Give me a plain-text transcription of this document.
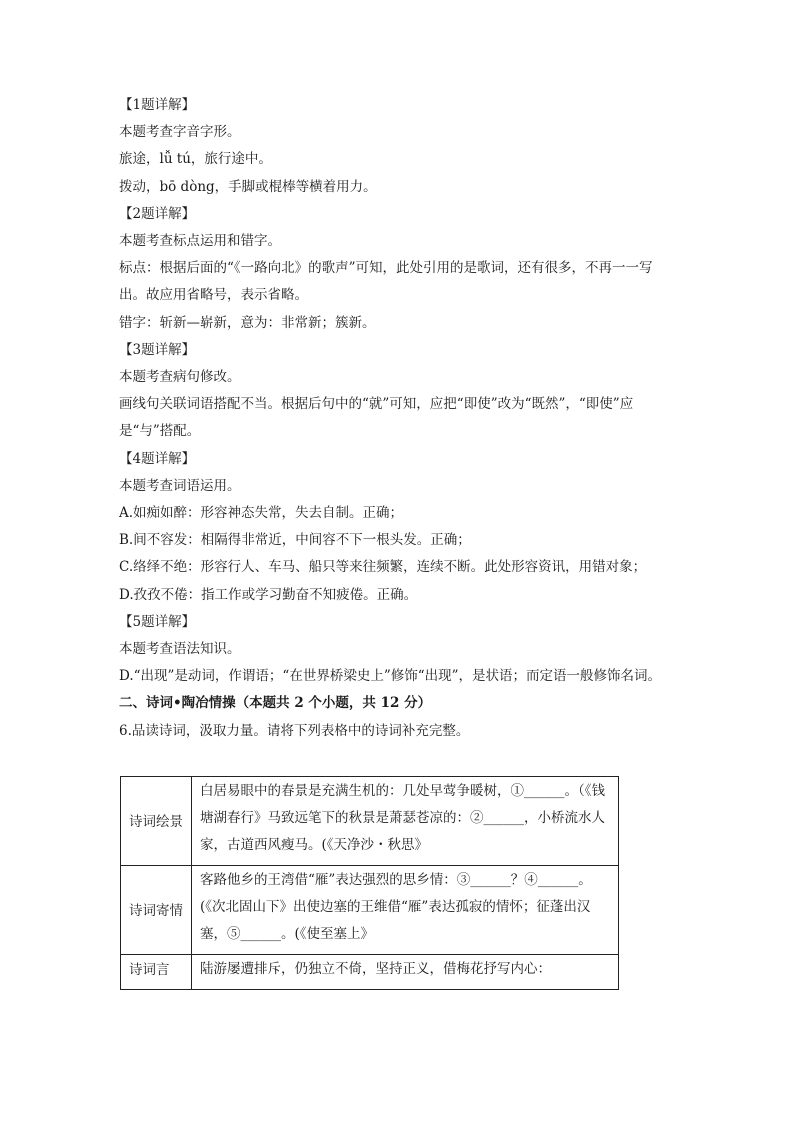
【1题详解】

本题考查字音字形。

旅途，lǚ tú，旅行途中。

拨动，bō dòng，手脚或棍棒等横着用力。

【2题详解】

本题考查标点运用和错字。

标点：根据后面的“《一路向北》的歌声”可知，此处引用的是歌词，还有很多，不再一一写出。故应用省略号，表示省略。

错字：斩新—崭新，意为：非常新；簇新。

【3题详解】

本题考查病句修改。

画线句关联词语搭配不当。根据后句中的“就”可知，应把“即使”改为“既然”，“即使”应是“与”搭配。

【4题详解】

本题考查词语运用。

A.如痴如醉：形容神态失常，失去自制。正确；

B.间不容发：相隔得非常近，中间容不下一根头发。正确；

C.络绎不绝：形容行人、车马、船只等来往频繁，连续不断。此处形容资讯，用错对象；

D.孜孜不倦：指工作或学习勤奋不知疲倦。正确。

【5题详解】

本题考查语法知识。

D.“出现”是动词，作谓语；“在世界桥梁史上”修饰“出现”，是状语；而定语一般修饰名词。

二、诗词•陶冶情操（本题共 2 个小题，共 12 分）

6.品读诗词，汲取力量。请将下列表格中的诗词补充完整。

诗词绘景	白居易眼中的春景是充满生机的：几处早莺争暖树，①______。（《钱塘湖春行》马致远笔下的秋景是萧瑟苍凉的：②______，小桥流水人家，古道西风瘦马。(《天净沙・秋思》
诗词寄情	客路他乡的王湾借“雁”表达强烈的思乡情：③______？④______。(《次北固山下》出使边塞的王维借“雁”表达孤寂的情怀；征蓬出汉塞，⑤______。(《使至塞上》
诗词言	陆游屡遭排斥，仍独立不倚，坚持正义，借梅花抒写内心：
